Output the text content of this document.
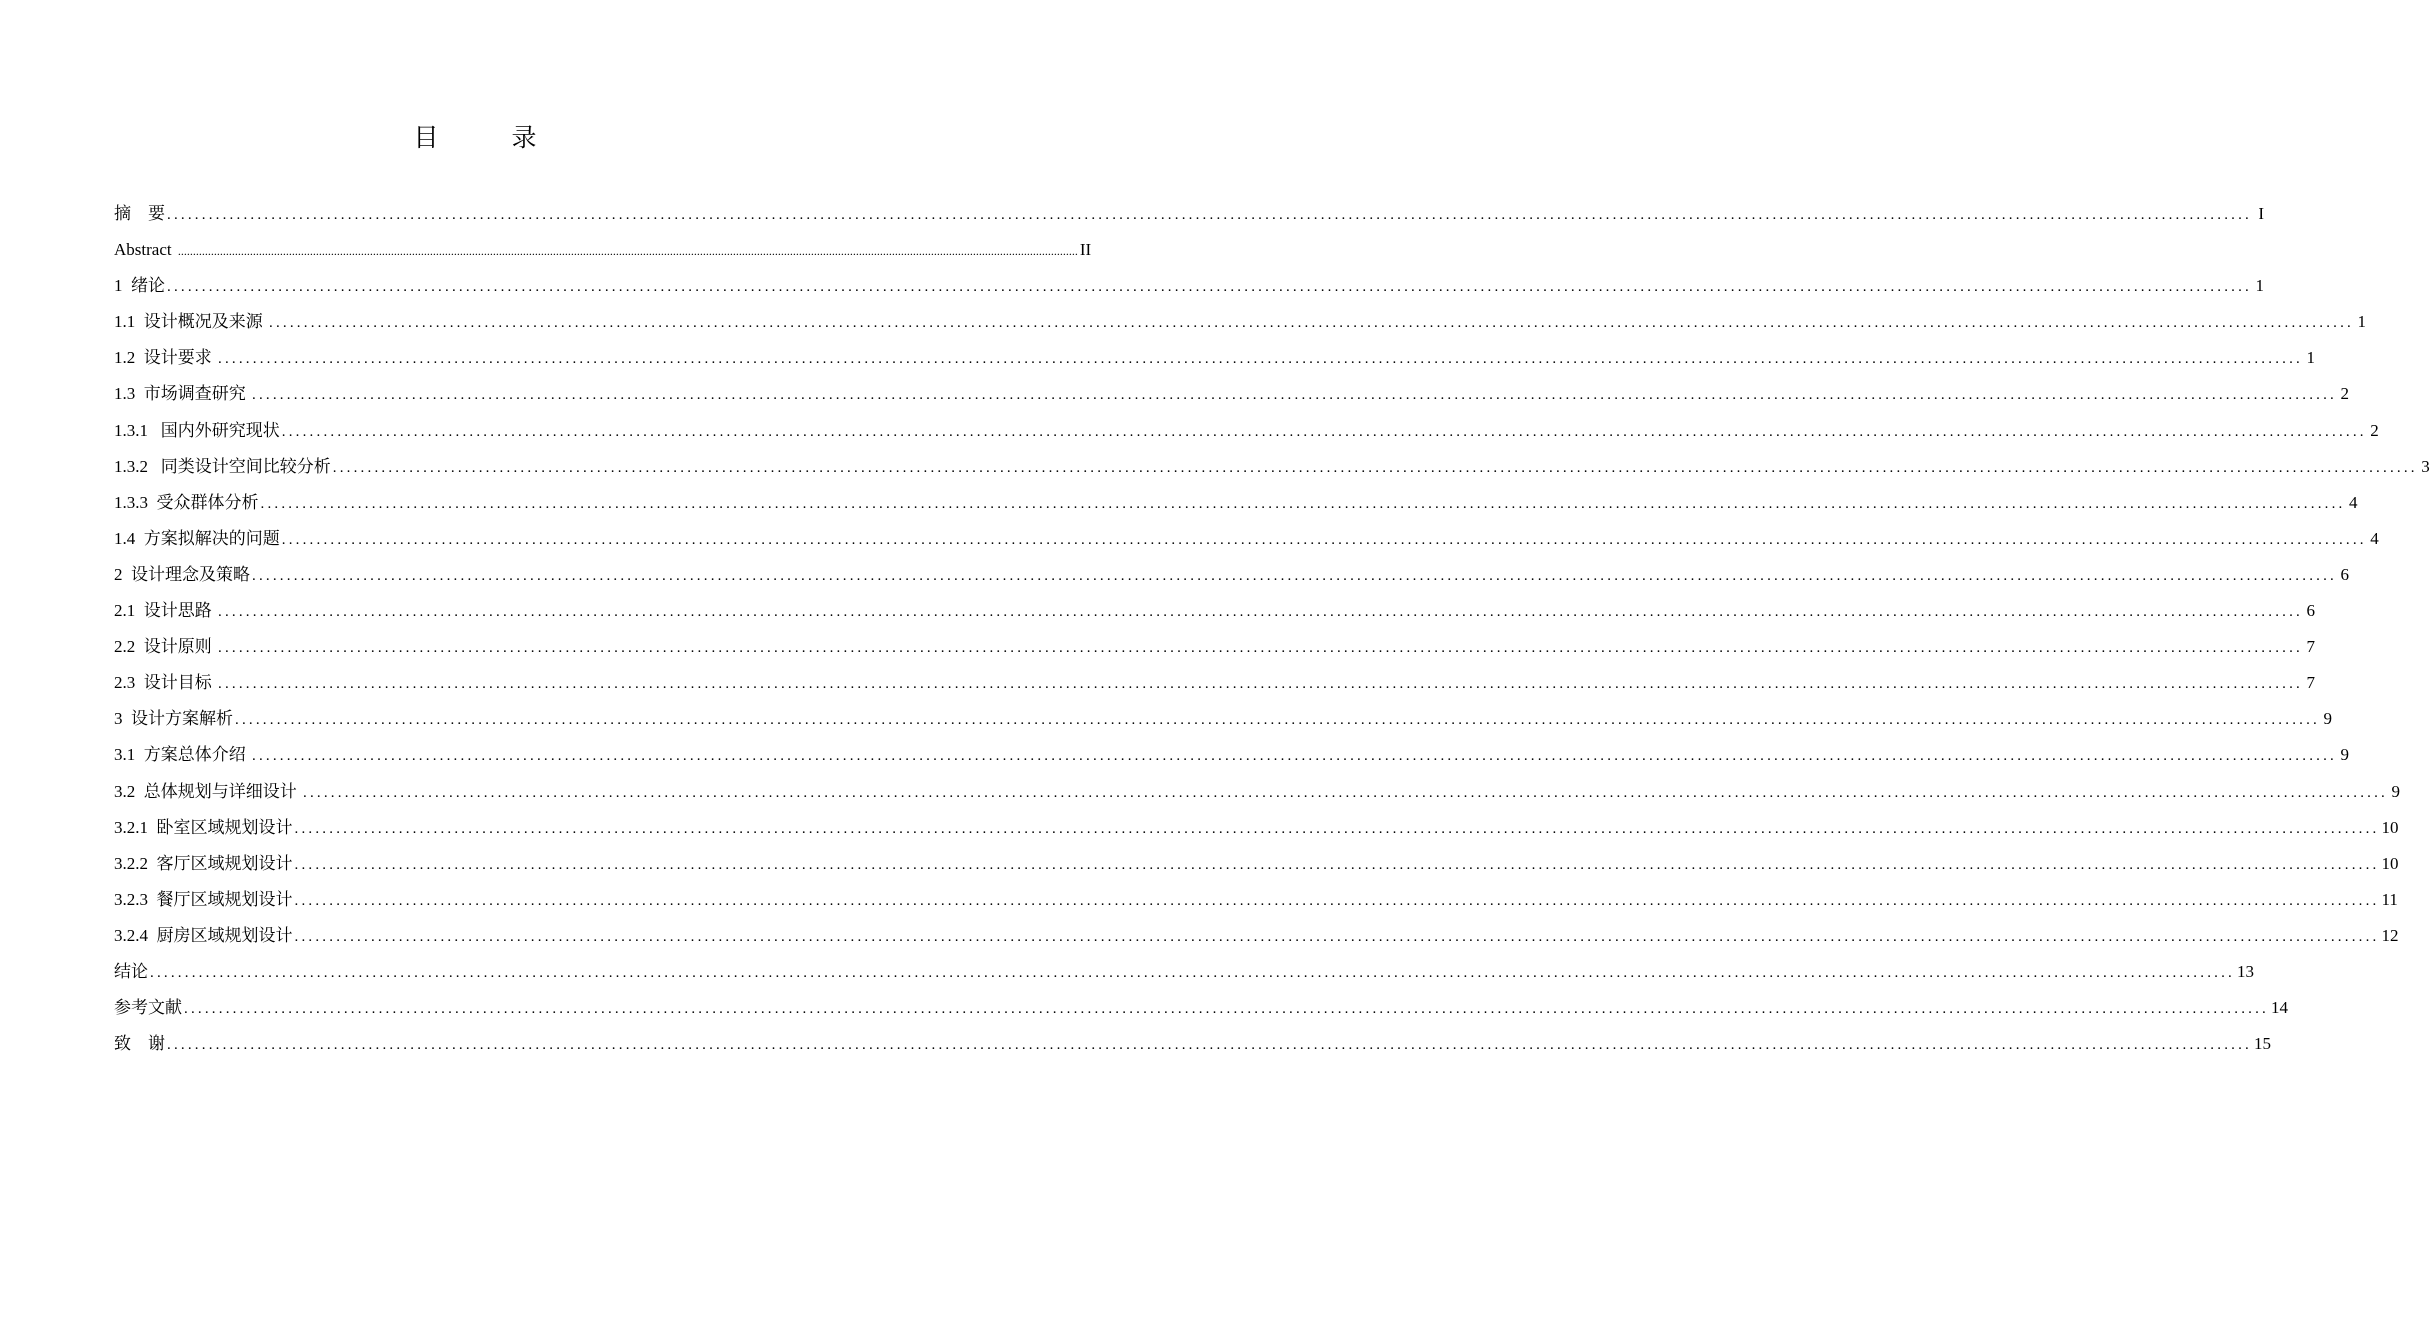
目　录
摘　要 ............................................................................................................................................................................................................................................................................................................ I
Abstract ............................................................................................................................................................................................................................................................................................................ II
1  绪论 ............................................................................................................................................................................................................................................................................................................ 1
1.1  设计概况及来源 ............................................................................................................................................................................................................................................................................................................ 1
1.2  设计要求 ............................................................................................................................................................................................................................................................................................................ 1
1.3  市场调查研究 ............................................................................................................................................................................................................................................................................................................ 2
1.3.1   国内外研究现状 ............................................................................................................................................................................................................................................................................................................ 2
1.3.2   同类设计空间比较分析 ............................................................................................................................................................................................................................................................................................................ 3
1.3.3  受众群体分析 ............................................................................................................................................................................................................................................................................................................ 4
1.4  方案拟解决的问题 ............................................................................................................................................................................................................................................................................................................ 4
2  设计理念及策略 ............................................................................................................................................................................................................................................................................................................ 6
2.1  设计思路 ............................................................................................................................................................................................................................................................................................................ 6
2.2  设计原则 ............................................................................................................................................................................................................................................................................................................ 7
2.3  设计目标 ............................................................................................................................................................................................................................................................................................................ 7
3  设计方案解析 ............................................................................................................................................................................................................................................................................................................ 9
3.1  方案总体介绍 ............................................................................................................................................................................................................................................................................................................ 9
3.2  总体规划与详细设计 ............................................................................................................................................................................................................................................................................................................ 9
3.2.1  卧室区域规划设计 ............................................................................................................................................................................................................................................................................................................ 10
3.2.2  客厅区域规划设计 ............................................................................................................................................................................................................................................................................................................ 10
3.2.3  餐厅区域规划设计 ............................................................................................................................................................................................................................................................................................................ 11
3.2.4  厨房区域规划设计 ............................................................................................................................................................................................................................................................................................................ 12
结论 ............................................................................................................................................................................................................................................................................................................ 13
参考文献 ............................................................................................................................................................................................................................................................................................................ 14
致　谢 ............................................................................................................................................................................................................................................................................................................ 15
